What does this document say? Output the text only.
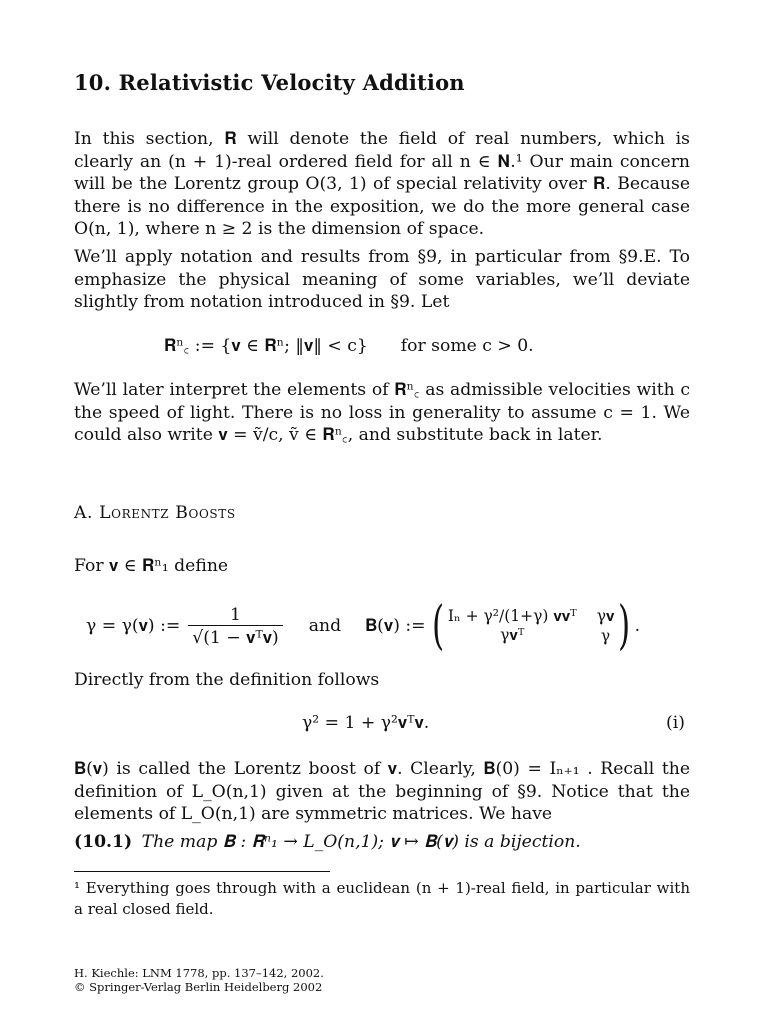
10. Relativistic Velocity Addition
In this section, 𝐑 will denote the field of real numbers, which is clearly an (n + 1)-real ordered field for all n ∈ 𝐍.¹ Our main concern will be the Lorentz group O(3, 1) of special relativity over 𝐑. Because there is no difference in the exposition, we do the more general case O(n, 1), where n ≥ 2 is the dimension of space.
We’ll apply notation and results from §9, in particular from §9.E. To emphasize the physical meaning of some variables, we’ll deviate slightly from notation introduced in §9. Let
𝐑ⁿ꜀ := {𝐯 ∈ 𝐑ⁿ; ‖𝐯‖ < c} for some c > 0.
We’ll later interpret the elements of 𝐑ⁿ꜀ as admissible velocities with c the speed of light. There is no loss in generality to assume c = 1. We could also write 𝐯 = ṽ/c, ṽ ∈ 𝐑ⁿ꜀, and substitute back in later.
A. Lorentz Boosts
For 𝐯 ∈ 𝐑ⁿ₁ define
γ = γ(𝐯) := $\frac{1}{\text{√(1 − 𝐯ᵀ𝐯)}}$ and 𝐁(𝐯) := ( Iₙ + γ²/(1+γ) 𝐯𝐯ᵀ γ𝐯
γ𝐯ᵀ	γ ) .
Directly from the definition follows
γ² = 1 + γ²𝐯ᵀ𝐯.	(i)
𝐁(𝐯) is called the Lorentz boost of 𝐯. Clearly, 𝐁(0) = Iₙ₊₁ . Recall the definition of L_O(n,1) given at the beginning of §9. Notice that the elements of L_O(n,1) are symmetric matrices. We have
(10.1) The map 𝐁 : 𝐑ⁿ₁ → L_O(n,1); 𝐯 ↦ 𝐁(𝐯) is a bijection.
¹ Everything goes through with a euclidean (n + 1)-real field, in particular with a real closed field.
H. Kiechle: LNM 1778, pp. 137–142, 2002.
© Springer-Verlag Berlin Heidelberg 2002
